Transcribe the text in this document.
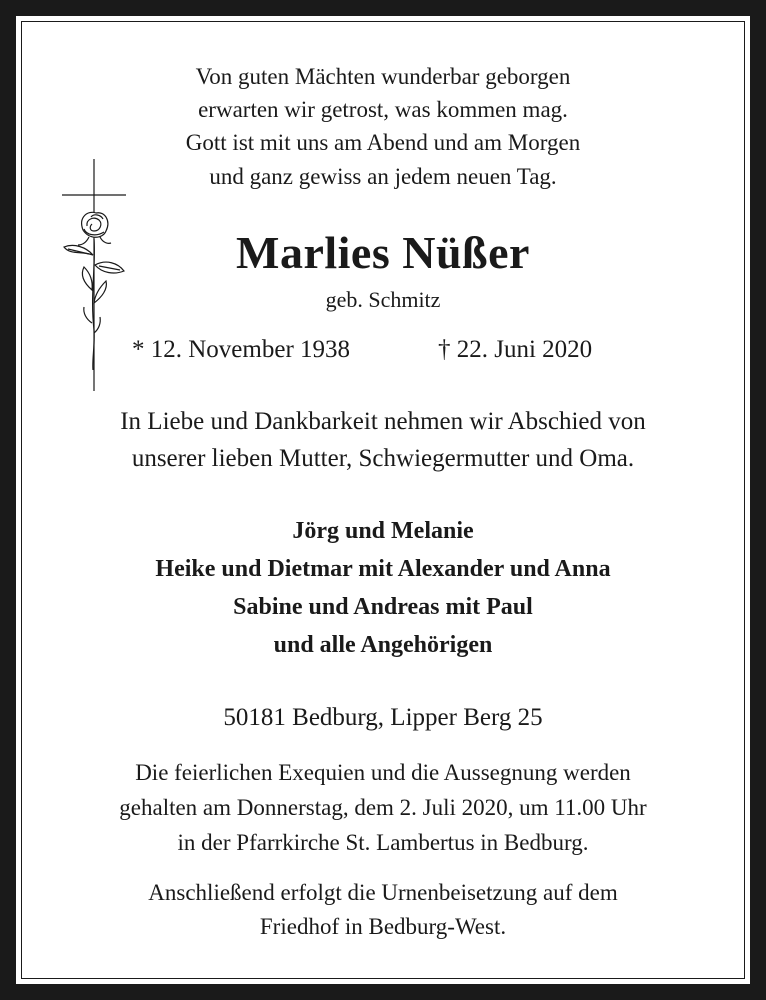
Von guten Mächten wunderbar geborgen
erwarten wir getrost, was kommen mag.
Gott ist mit uns am Abend und am Morgen
und ganz gewiss an jedem neuen Tag.
Marlies Nüßer
geb. Schmitz
* 12. November 1938	† 22. Juni 2020
In Liebe und Dankbarkeit nehmen wir Abschied von
unserer lieben Mutter, Schwiegermutter und Oma.
Jörg und Melanie
Heike und Dietmar mit Alexander und Anna
Sabine und Andreas mit Paul
und alle Angehörigen
50181 Bedburg, Lipper Berg 25
Die feierlichen Exequien und die Aussegnung werden
gehalten am Donnerstag, dem 2. Juli 2020, um 11.00 Uhr
in der Pfarrkirche St. Lambertus in Bedburg.
Anschließend erfolgt die Urnenbeisetzung auf dem
Friedhof in Bedburg-West.
